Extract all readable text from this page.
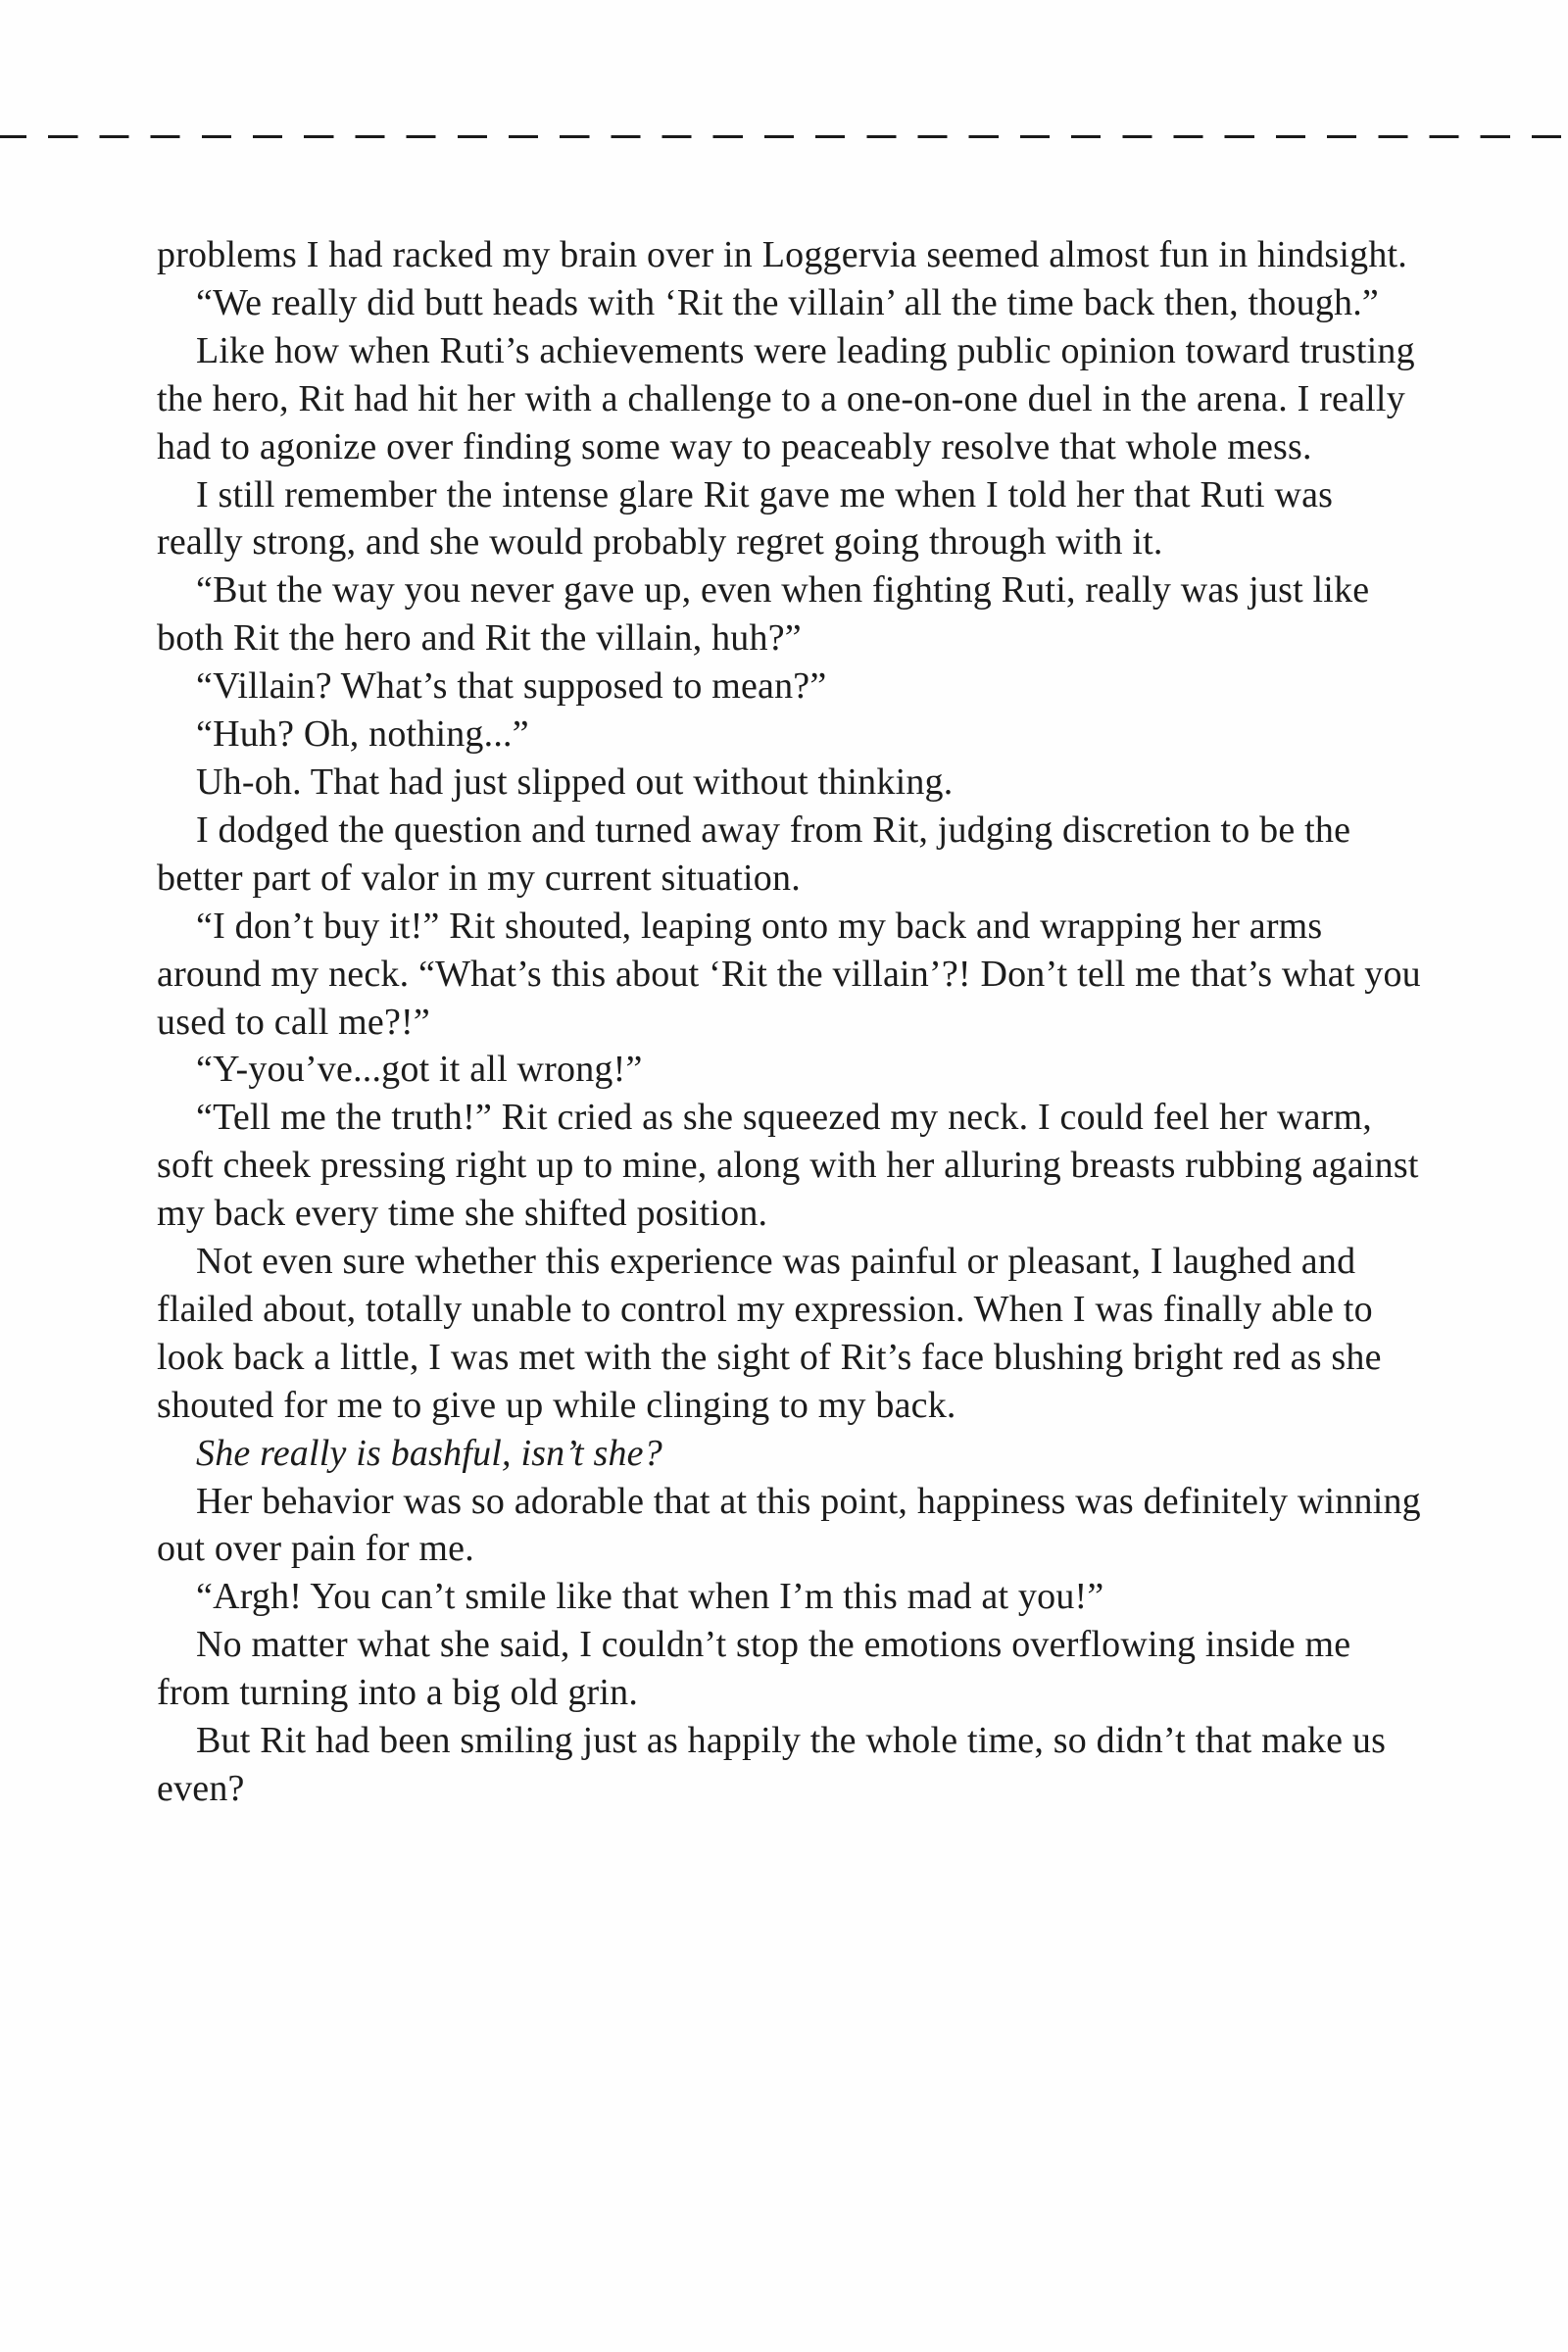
problems I had racked my brain over in Loggervia seemed almost fun in hindsight.

“We really did butt heads with ‘Rit the villain’ all the time back then, though.”

Like how when Ruti’s achievements were leading public opinion toward trusting the hero, Rit had hit her with a challenge to a one-on-one duel in the arena. I really had to agonize over finding some way to peaceably resolve that whole mess.

I still remember the intense glare Rit gave me when I told her that Ruti was really strong, and she would probably regret going through with it.

“But the way you never gave up, even when fighting Ruti, really was just like both Rit the hero and Rit the villain, huh?”

“Villain? What’s that supposed to mean?”

“Huh? Oh, nothing...”

Uh-oh. That had just slipped out without thinking.

I dodged the question and turned away from Rit, judging discretion to be the better part of valor in my current situation.

“I don’t buy it!” Rit shouted, leaping onto my back and wrapping her arms around my neck. “What’s this about ‘Rit the villain’?! Don’t tell me that’s what you used to call me?!”

“Y-you’ve...got it all wrong!”

“Tell me the truth!” Rit cried as she squeezed my neck. I could feel her warm, soft cheek pressing right up to mine, along with her alluring breasts rubbing against my back every time she shifted position.

Not even sure whether this experience was painful or pleasant, I laughed and flailed about, totally unable to control my expression. When I was finally able to look back a little, I was met with the sight of Rit’s face blushing bright red as she shouted for me to give up while clinging to my back.

She really is bashful, isn’t she?

Her behavior was so adorable that at this point, happiness was definitely winning out over pain for me.

“Argh! You can’t smile like that when I’m this mad at you!”

No matter what she said, I couldn’t stop the emotions overflowing inside me from turning into a big old grin.

But Rit had been smiling just as happily the whole time, so didn’t that make us even?
